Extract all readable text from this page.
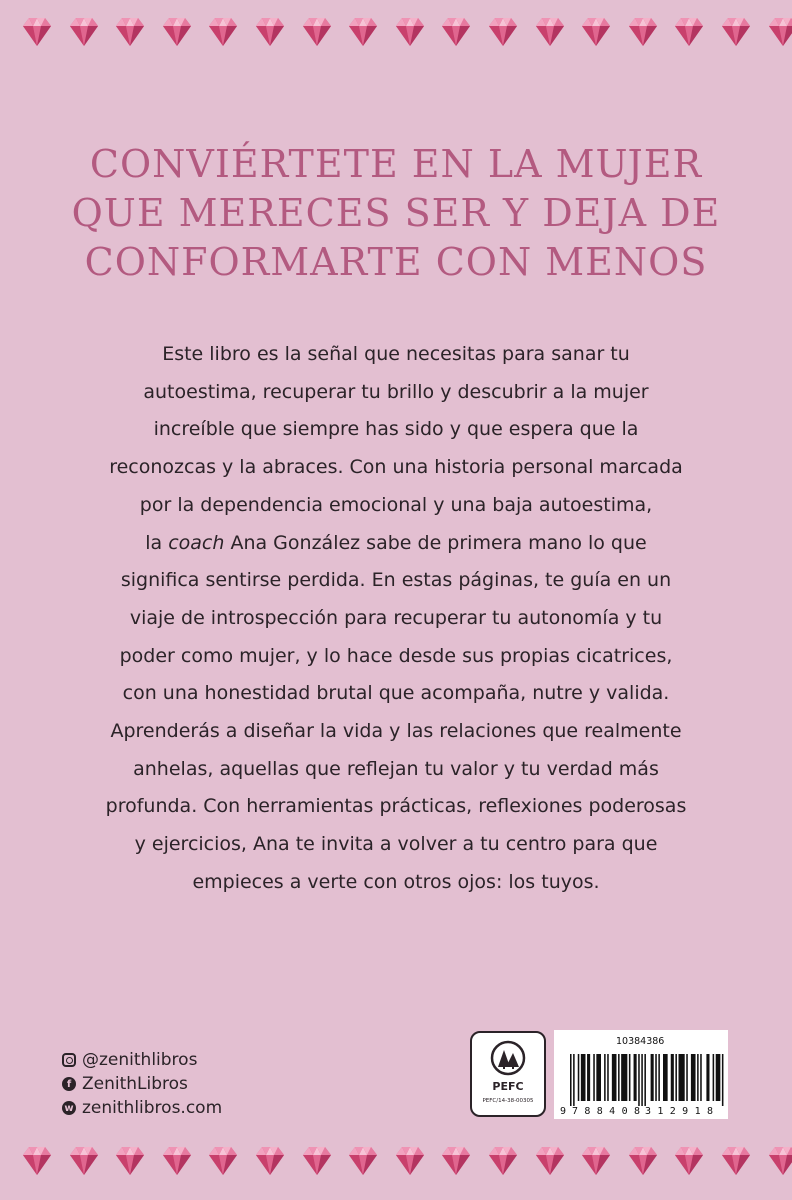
CONVIÉRTETE EN LA MUJER
QUE MERECES SER Y DEJA DE
CONFORMARTE CON MENOS
Este libro es la señal que necesitas para sanar tu
autoestima, recuperar tu brillo y descubrir a la mujer
increíble que siempre has sido y que espera que la
reconozcas y la abraces. Con una historia personal marcada
por la dependencia emocional y una baja autoestima,
la coach Ana González sabe de primera mano lo que
significa sentirse perdida. En estas páginas, te guía en un
viaje de introspección para recuperar tu autonomía y tu
poder como mujer, y lo hace desde sus propias cicatrices,
con una honestidad brutal que acompaña, nutre y valida.
Aprenderás a diseñar la vida y las relaciones que realmente
anhelas, aquellas que reflejan tu valor y tu verdad más
profunda. Con herramientas prácticas, reflexiones poderosas
y ejercicios, Ana te invita a volver a tu centro para que
empieces a verte con otros ojos: los tuyos.
@zenithlibros
f ZenithLibros
w zenithlibros.com
PEFC
PEFC/14-38-00305
10384386
9 788408 312918
